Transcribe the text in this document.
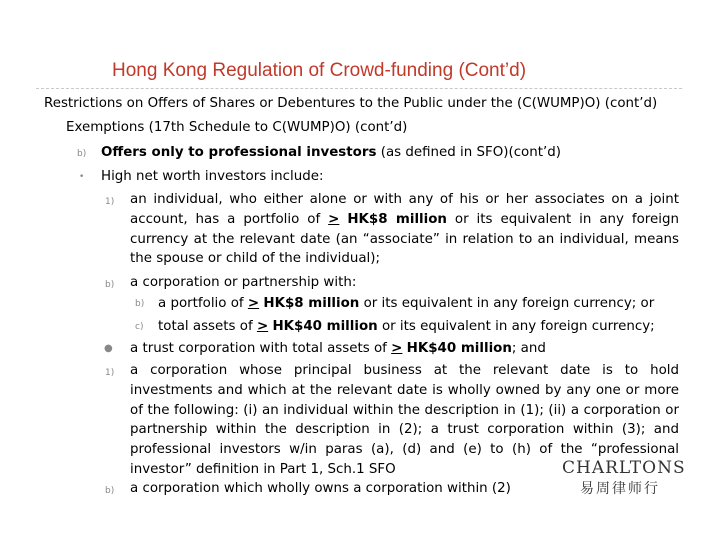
Hong Kong Regulation of Crowd-funding (Cont’d)
Restrictions on Offers of Shares or Debentures to the Public under the (C(WUMP)O) (cont’d)
Exemptions (17th Schedule to C(WUMP)O) (cont’d)
b) Offers only to professional investors (as defined in SFO)(cont’d)
• High net worth investors include:
1) an individual, who either alone or with any of his or her associates on a joint account, has a portfolio of > HK$8 million or its equivalent in any foreign currency at the relevant date (an “associate” in relation to an individual, means the spouse or child of the individual);
b) a corporation or partnership with:
b) a portfolio of > HK$8 million or its equivalent in any foreign currency; or
c) total assets of > HK$40 million or its equivalent in any foreign currency;
● a trust corporation with total assets of > HK$40 million; and
1) a corporation whose principal business at the relevant date is to hold investments and which at the relevant date is wholly owned by any one or more of the following: (i) an individual within the description in (1); (ii) a corporation or partnership within the description in (2); a trust corporation within (3); and professional investors w/in paras (a), (d) and (e) to (h) of the “professional investor” definition in Part 1, Sch.1 SFO
b) a corporation which wholly owns a corporation within (2)
CHARLTONS
易周律师行
